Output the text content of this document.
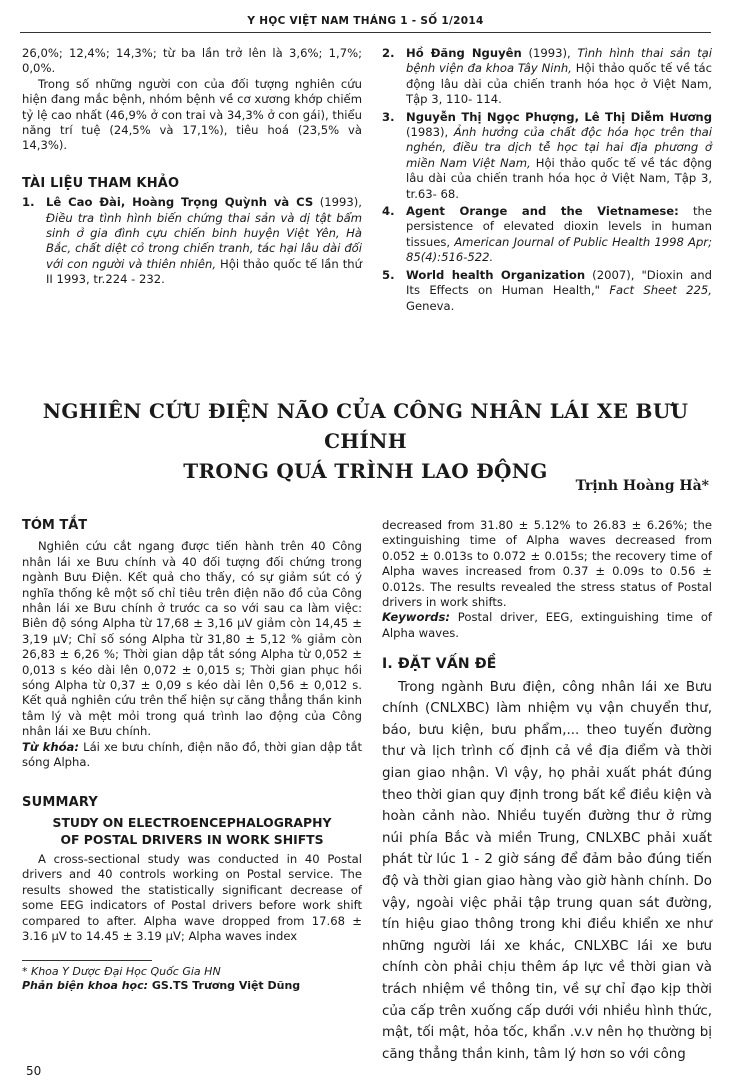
Y HỌC VIỆT NAM THÁNG 1 - SỐ 1/2014

26,0%; 12,4%; 14,3%; từ ba lần trở lên là 3,6%; 1,7%; 0,0%.

Trong số những người con của đối tượng nghiên cứu hiện đang mắc bệnh, nhóm bệnh về cơ xương khớp chiếm tỷ lệ cao nhất (46,9% ở con trai và 34,3% ở con gái), thiểu năng trí tuệ (24,5% và 17,1%), tiêu hoá (23,5% và 14,3%).

TÀI LIỆU THAM KHẢO
1. Lê Cao Đài, Hoàng Trọng Quỳnh và CS (1993), Điều tra tình hình biến chứng thai sản và dị tật bẩm sinh ở gia đình cựu chiến binh huyện Việt Yên, Hà Bắc, chất diệt cỏ trong chiến tranh, tác hại lâu dài đối với con người và thiên nhiên, Hội thảo quốc tế lần thứ II 1993, tr.224 - 232.
2. Hồ Đăng Nguyên (1993), Tình hình thai sản tại bệnh viện đa khoa Tây Ninh, Hội thảo quốc tế về tác động lâu dài của chiến tranh hóa học ở Việt Nam, Tập 3, 110- 114.
3. Nguyễn Thị Ngọc Phượng, Lê Thị Diễm Hương (1983), Ảnh hưởng của chất độc hóa học trên thai nghén, điều tra dịch tễ học tại hai địa phương ở miền Nam Việt Nam, Hội thảo quốc tế về tác động lâu dài của chiến tranh hóa học ở Việt Nam, Tập 3, tr.63- 68.
4. Agent Orange and the Vietnamese: the persistence of elevated dioxin levels in human tissues, American Journal of Public Health 1998 Apr; 85(4):516-522.
5. World health Organization (2007), "Dioxin and Its Effects on Human Health," Fact Sheet 225, Geneva.
NGHIÊN CỨU ĐIỆN NÃO CỦA CÔNG NHÂN LÁI XE BƯU CHÍNH
TRONG QUÁ TRÌNH LAO ĐỘNG
Trịnh Hoàng Hà*
TÓM TẮT

Nghiên cứu cắt ngang được tiến hành trên 40 Công nhân lái xe Bưu chính và 40 đối tượng đối chứng trong ngành Bưu Điện. Kết quả cho thấy, có sự giảm sút có ý nghĩa thống kê một số chỉ tiêu trên điện não đồ của Công nhân lái xe Bưu chính ở trước ca so với sau ca làm việc: Biên độ sóng Alpha từ 17,68 ± 3,16 µV giảm còn 14,45 ± 3,19 µV; Chỉ số sóng Alpha từ 31,80 ± 5,12 % giảm còn 26,83 ± 6,26 %; Thời gian dập tắt sóng Alpha từ 0,052 ± 0,013 s kéo dài lên 0,072 ± 0,015 s; Thời gian phục hồi sóng Alpha từ 0,37 ± 0,09 s kéo dài lên 0,56 ± 0,012 s. Kết quả nghiên cứu trên thể hiện sự căng thẳng thần kinh tâm lý và mệt mỏi trong quá trình lao động của Công nhân lái xe Bưu chính.

Từ khóa: Lái xe bưu chính, điện não đồ, thời gian dập tắt sóng Alpha.

SUMMARY
STUDY ON ELECTROENCEPHALOGRAPHY
OF POSTAL DRIVERS IN WORK SHIFTS

A cross-sectional study was conducted in 40 Postal drivers and 40 controls working on Postal service. The results showed the statistically significant decrease of some EEG indicators of Postal drivers before work shift compared to after. Alpha wave dropped from 17.68 ± 3.16 µV to 14.45 ± 3.19 µV; Alpha waves index

* Khoa Y Dược Đại Học Quốc Gia HN
Phản biện khoa học: GS.TS Trương Việt Dũng

decreased from 31.80 ± 5.12% to 26.83 ± 6.26%; the extinguishing time of Alpha waves decreased from 0.052 ± 0.013s to 0.072 ± 0.015s; the recovery time of Alpha waves increased from 0.37 ± 0.09s to 0.56 ± 0.012s. The results revealed the stress status of Postal drivers in work shifts.

Keywords: Postal driver, EEG, extinguishing time of Alpha waves.

I. ĐẶT VẤN ĐỀ

Trong ngành Bưu điện, công nhân lái xe Bưu chính (CNLXBC) làm nhiệm vụ vận chuyển thư, báo, bưu kiện, bưu phẩm,... theo tuyến đường thư và lịch trình cố định cả về địa điểm và thời gian giao nhận. Vì vậy, họ phải xuất phát đúng theo thời gian quy định trong bất kể điều kiện và hoàn cảnh nào. Nhiều tuyến đường thư ở rừng núi phía Bắc và miền Trung, CNLXBC phải xuất phát từ lúc 1 - 2 giờ sáng để đảm bảo đúng tiến độ và thời gian giao hàng vào giờ hành chính. Do vậy, ngoài việc phải tập trung quan sát đường, tín hiệu giao thông trong khi điều khiển xe như những người lái xe khác, CNLXBC lái xe bưu chính còn phải chịu thêm áp lực về thời gian và trách nhiệm về thông tin, về sự chỉ đạo kịp thời của cấp trên xuống cấp dưới với nhiều hình thức, mật, tối mật, hỏa tốc, khẩn .v.v nên họ thường bị căng thẳng thần kinh, tâm lý hơn so với công

50
